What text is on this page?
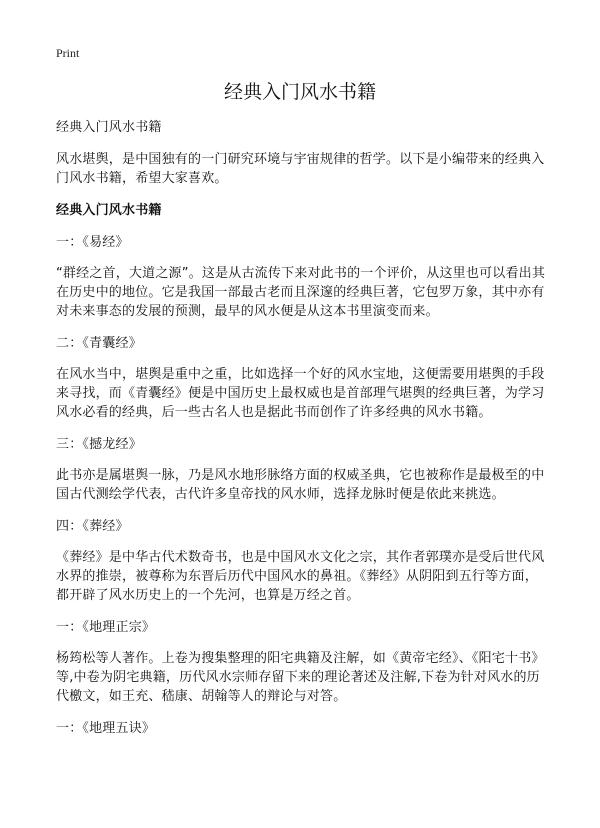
Print
经典入门风水书籍

经典入门风水书籍

风水堪舆，是中国独有的一门研究环境与宇宙规律的哲学。以下是小编带来的经典入门风水书籍，希望大家喜欢。

经典入门风水书籍

一：《易经》

“群经之首，大道之源”。这是从古流传下来对此书的一个评价，从这里也可以看出其在历史中的地位。它是我国一部最古老而且深邃的经典巨著，它包罗万象，其中亦有对未来事态的发展的预测，最早的风水便是从这本书里演变而来。

二：《青囊经》

在风水当中，堪舆是重中之重，比如选择一个好的风水宝地，这便需要用堪舆的手段来寻找，而《青囊经》便是中国历史上最权威也是首部理气堪舆的经典巨著，为学习风水必看的经典，后一些古名人也是据此书而创作了许多经典的风水书籍。

三：《撼龙经》

此书亦是属堪舆一脉，乃是风水地形脉络方面的权威圣典，它也被称作是最极至的中国古代测绘学代表，古代许多皇帝找的风水师，选择龙脉时便是依此来挑选。

四：《葬经》

《葬经》是中华古代术数奇书，也是中国风水文化之宗，其作者郭璞亦是受后世代风水界的推崇，被尊称为东晋后历代中国风水的鼻祖。《葬经》从阴阳到五行等方面，都开辟了风水历史上的一个先河，也算是万经之首。

一：《地理正宗》

杨筠松等人著作。上卷为搜集整理的阳宅典籍及注解，如《黄帝宅经》、《阳宅十书》等,中卷为阴宅典籍，历代风水宗师存留下来的理论著述及注解,下卷为针对风水的历代檄文，如王充、嵇康、胡翰等人的辩论与对答。

一：《地理五诀》
